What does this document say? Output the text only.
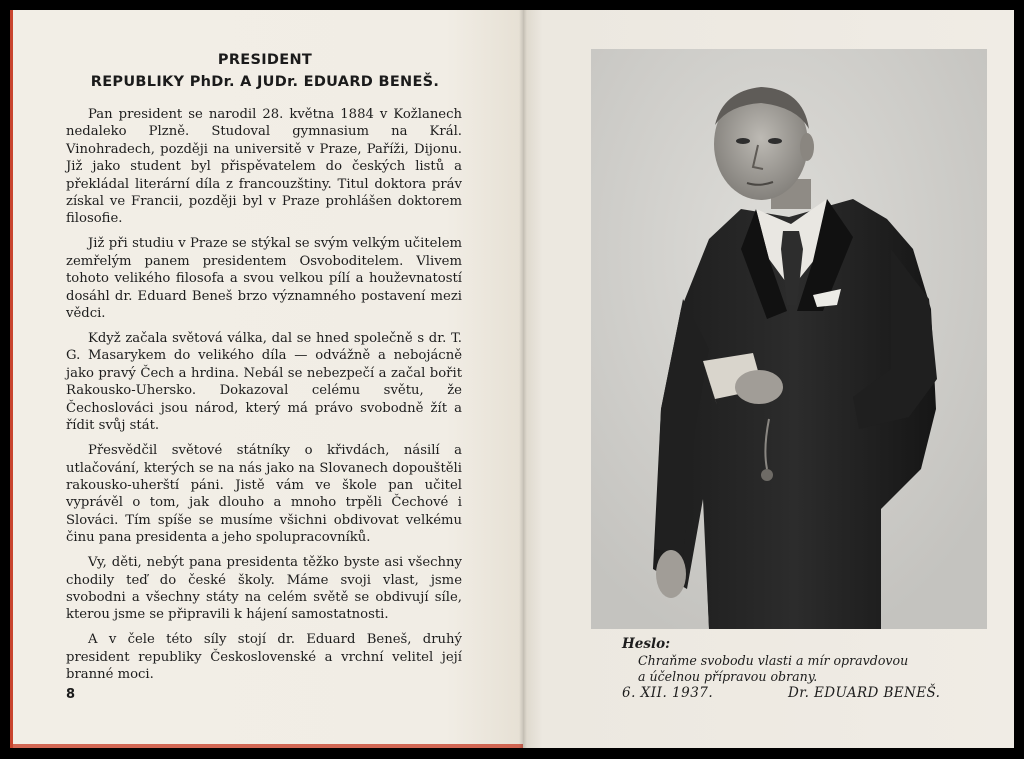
PRESIDENT
REPUBLIKY PhDr. A JUDr. EDUARD BENEŠ.

Pan president se narodil 28. května 1884 v Kožlanech nedaleko Plzně. Studoval gymnasium na Král. Vinohradech, později na universitě v Praze, Paříži, Dijonu. Již jako student byl přispěvatelem do českých listů a překládal literární díla z francouzštiny. Titul doktora práv získal ve Francii, později byl v Praze prohlášen doktorem filosofie.

Již při studiu v Praze se stýkal se svým velkým učitelem zemřelým panem presidentem Osvoboditelem. Vlivem tohoto velikého filosofa a svou velkou pílí a houževnatostí dosáhl dr. Eduard Beneš brzo významného postavení mezi vědci.

Když začala světová válka, dal se hned společně s dr. T. G. Masarykem do velikého díla — odvážně a nebojácně jako pravý Čech a hrdina. Nebál se nebezpečí a začal bořit Rakousko-Uhersko. Dokazoval celému světu, že Čechoslováci jsou národ, který má právo svobodně žít a řídit svůj stát.

Přesvědčil světové státníky o křivdách, násilí a utlačování, kterých se na nás jako na Slovanech dopouštěli rakousko-uherští páni. Jistě vám ve škole pan učitel vyprávěl o tom, jak dlouho a mnoho trpěli Čechové i Slováci. Tím spíše se musíme všichni obdivovat velkému činu pana presidenta a jeho spolupracovníků.

Vy, děti, nebýt pana presidenta těžko byste asi všechny chodily teď do české školy. Máme svoji vlast, jsme svobodni a všechny státy na celém světě se obdivují síle, kterou jsme se připravili k hájení samostatnosti.

A v čele této síly stojí dr. Eduard Beneš, druhý president republiky Československé a vrchní velitel její branné moci.

8
Heslo:
Chraňme svobodu vlasti a mír opravdovou
a účelnou přípravou obrany.
6. XII. 1937.	Dr. EDUARD BENEŠ.
